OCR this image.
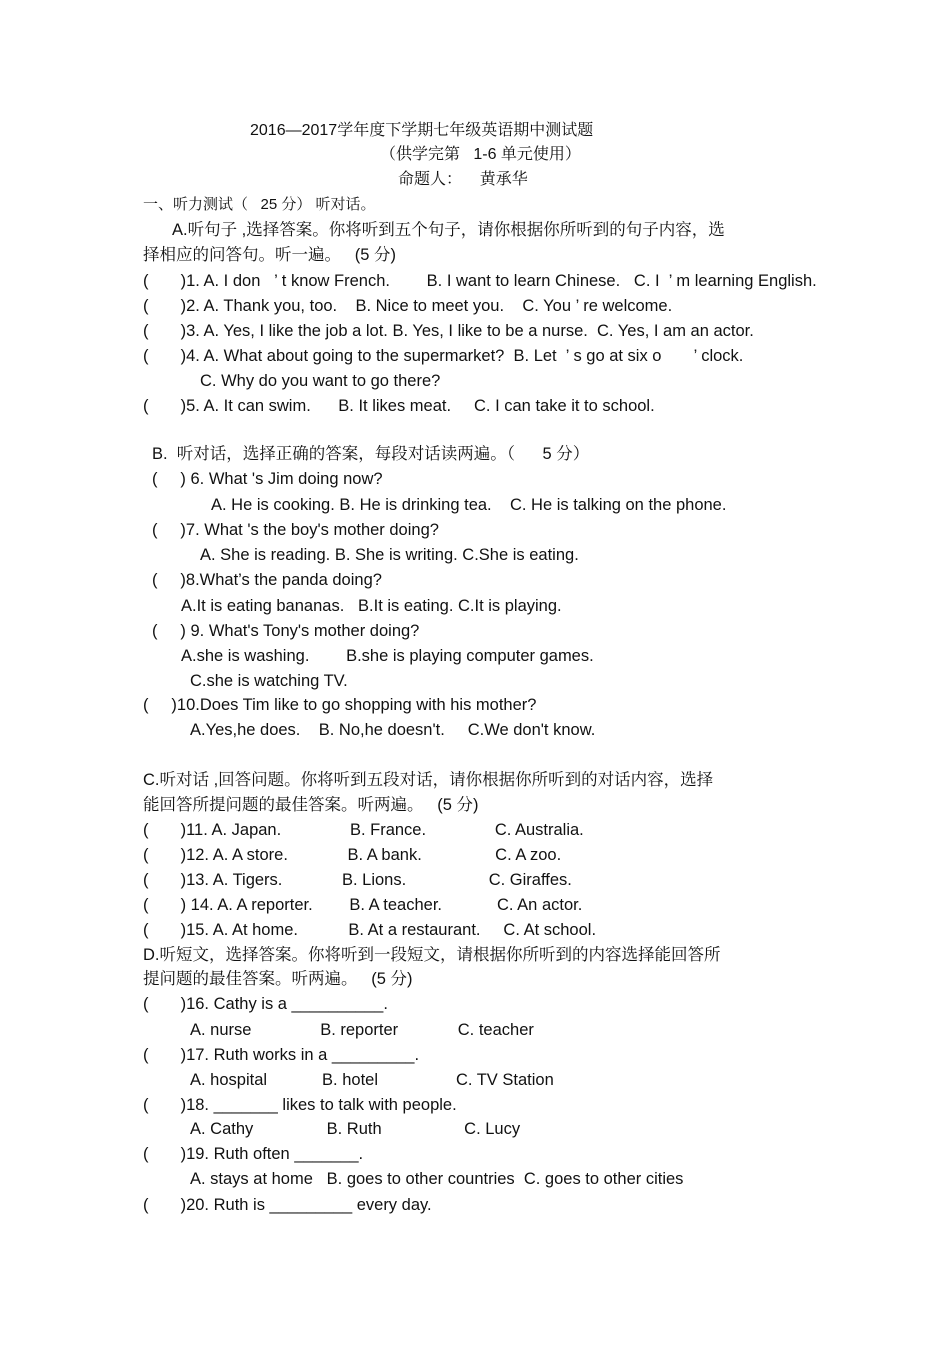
2016—2017学年度下学期七年级英语期中测试题
（供学完第   1-6 单元使用）
命题人：    黄承华
一、听力测试（   25 分） 听对话。
A.听句子 ,选择答案。你将听到五个句子，请你根据你所听到的句子内容，选
择相应的问答句。听一遍。   (5 分)
(       )1. A. I don   ’ t know French.        B. I want to learn Chinese.   C. I  ’ m learning English.
(       )2. A. Thank you, too.    B. Nice to meet you.    C. You ’ re welcome.
(       )3. A. Yes, I like the job a lot. B. Yes, I like to be a nurse.  C. Yes, I am an actor.
(       )4. A. What about going to the supermarket?  B. Let  ’ s go at six o       ’ clock.
C. Why do you want to go there?
(       )5. A. It can swim.      B. It likes meat.     C. I can take it to school.
B.  听对话，选择正确的答案，每段对话读两遍。（      5 分）
(     ) 6. What 's Jim doing now?
A. He is cooking. B. He is drinking tea.    C. He is talking on the phone.
(     )7. What 's the boy's mother doing?
A. She is reading. B. She is writing. C.She is eating.
(     )8.What’s the panda doing?
A.It is eating bananas.   B.It is eating. C.It is playing.
(     ) 9. What's Tony's mother doing?
A.she is washing.        B.she is playing computer games.
C.she is watching TV.
(     )10.Does Tim like to go shopping with his mother?
A.Yes,he does.    B. No,he doesn't.     C.We don't know.
C.听对话 ,回答问题。你将听到五段对话，请你根据你所听到的对话内容，选择
能回答所提问题的最佳答案。听两遍。   (5 分)
(       )11. A. Japan.               B. France.               C. Australia.
(       )12. A. A store.             B. A bank.                C. A zoo.
(       )13. A. Tigers.             B. Lions.                  C. Giraffes.
(       ) 14. A. A reporter.        B. A teacher.            C. An actor.
(       )15. A. At home.           B. At a restaurant.     C. At school.
D.听短文，选择答案。你将听到一段短文，请根据你所听到的内容选择能回答所
提问题的最佳答案。听两遍。   (5 分)
(       )16. Cathy is a __________.
A. nurse               B. reporter             C. teacher
(       )17. Ruth works in a _________.
A. hospital            B. hotel                 C. TV Station
(       )18. _______ likes to talk with people.
A. Cathy                B. Ruth                  C. Lucy
(       )19. Ruth often _______.
A. stays at home   B. goes to other countries  C. goes to other cities
(       )20. Ruth is _________ every day.
